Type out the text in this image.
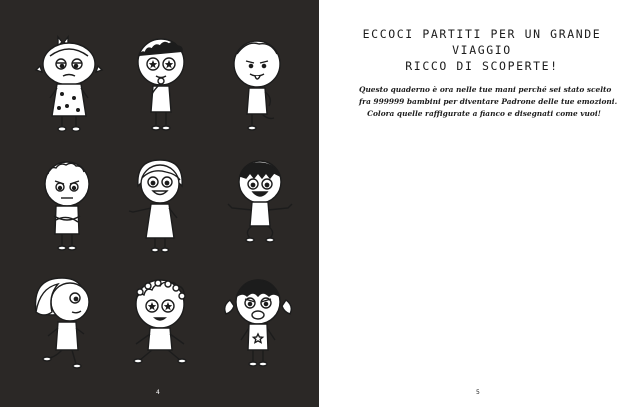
4
ECCOCI PARTITI PER UN GRANDE VIAGGIO
RICCO DI SCOPERTE!
Questo quaderno è ora nelle tue mani perché sei stato scelto
fra 999999 bambini per diventare Padrone delle tue emozioni.
Colora quelle raffigurate a fianco e disegnati come vuoi!
5
